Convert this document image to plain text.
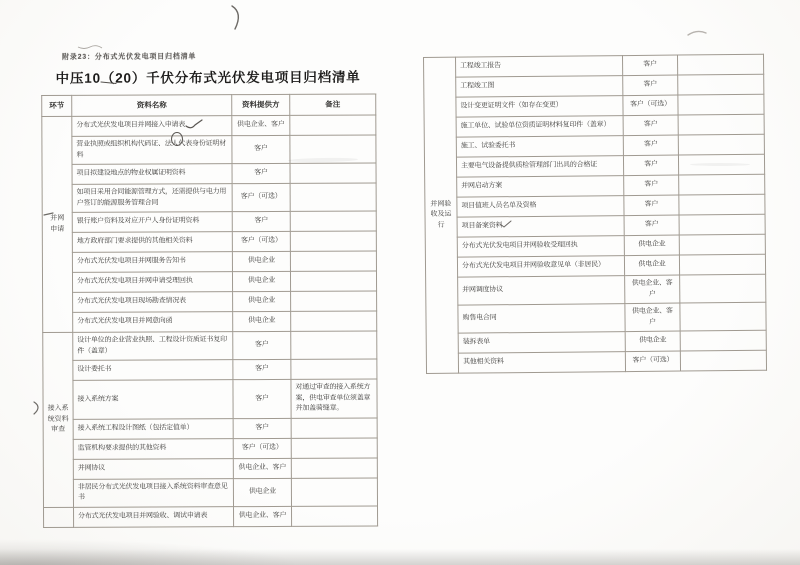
附录23：分布式光伏发电项目归档清单
中压10（20）千伏分布式光伏发电项目归档清单
环节	资料名称	资料提供方	备注
并网
申请	分布式光伏发电项目并网接入申请表	供电企业、客户	
	营业执照或组织机构代码证、法人代表身份证明材料	客户	
	项目拟建设地点的物业权属证明资料	客户	
	如项目采用合同能源管理方式，还需提供与电力用户签订的能源服务管理合同	客户（可选）	
	银行账户资料及对应开户人身份证明资料	客户	
	地方政府部门要求提供的其他相关资料	客户（可选）	
	分布式光伏发电项目并网服务告知书	供电企业	
	分布式光伏发电项目并网申请受理回执	供电企业	
	分布式光伏发电项目现场勘查情况表	供电企业	
	分布式光伏发电项目并网意向函	供电企业	
接入系
统资料
审查	设计单位的企业营业执照、工程设计资质证书复印件（盖章）	客户	
	设计委托书	客户	
	接入系统方案	客户	对通过审查的接入系统方案，供电审查单位须盖章并加盖骑缝章。
	接入系统工程设计图纸（包括定值单）	客户	
	监管机构要求提供的其他资料	客户（可选）	
	并网协议	供电企业、客户	
	非居民分布式光伏发电项目接入系统资料审查意见书	供电企业	
	分布式光伏发电项目并网验收、调试申请表	供电企业、客户	
并网验
收及运
行	工程竣工报告	客户	
	工程竣工图	客户	
	设计变更证明文件（如存在变更）	客户（可选）	
	施工单位、试验单位资质证明材料复印件（盖章）	客户	
	施工、试验委托书	客户	
	主要电气设备提供质检管理部门出具的合格证	客户	
	并网启动方案	客户	
	项目值班人员名单及资格	客户	
	项目备案资料	客户	
	分布式光伏发电项目并网验收受理回执	供电企业	
	分布式光伏发电项目并网验收意见单（非居民）	供电企业	
	并网调度协议	供电企业、客户	
	购售电合同	供电企业、客户	
	装拆表单	供电企业	
	其他相关资料	客户（可选）	
